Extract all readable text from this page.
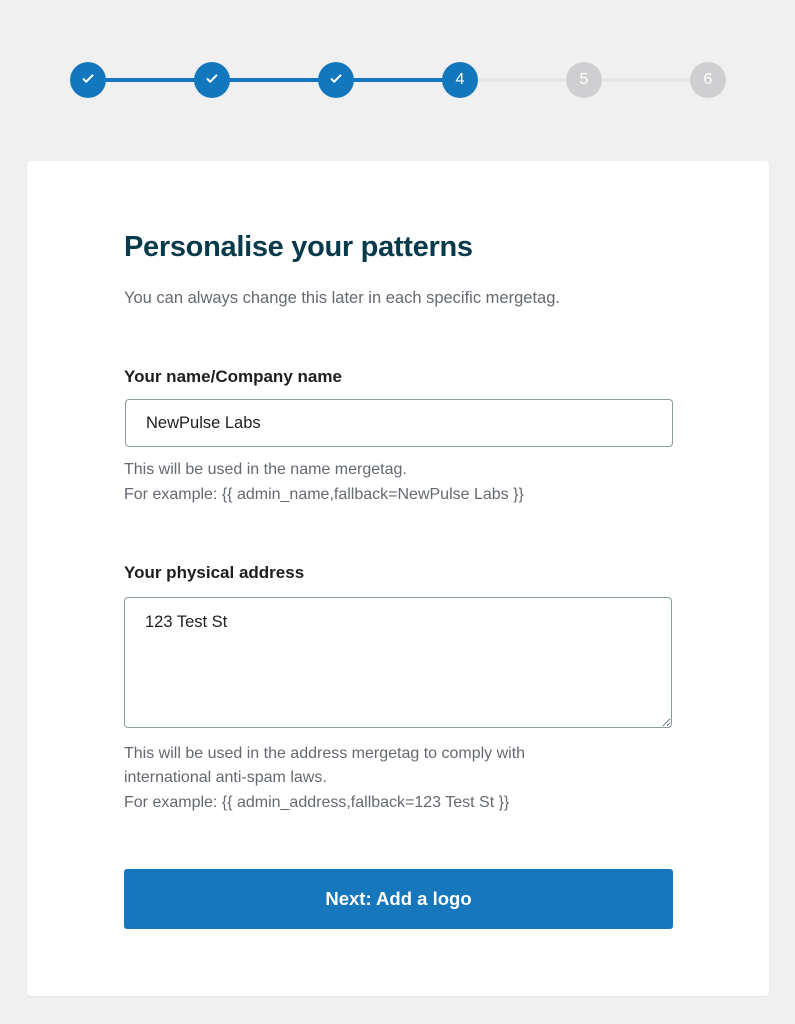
4	5	6
Personalise your patterns
You can always change this later in each specific mergetag.
Your name/Company name
NewPulse Labs
This will be used in the name mergetag.
For example: {{ admin_name,fallback=NewPulse Labs }}
Your physical address
123 Test St
This will be used in the address mergetag to comply with
international anti-spam laws.
For example: {{ admin_address,fallback=123 Test St }}
Next: Add a logo
